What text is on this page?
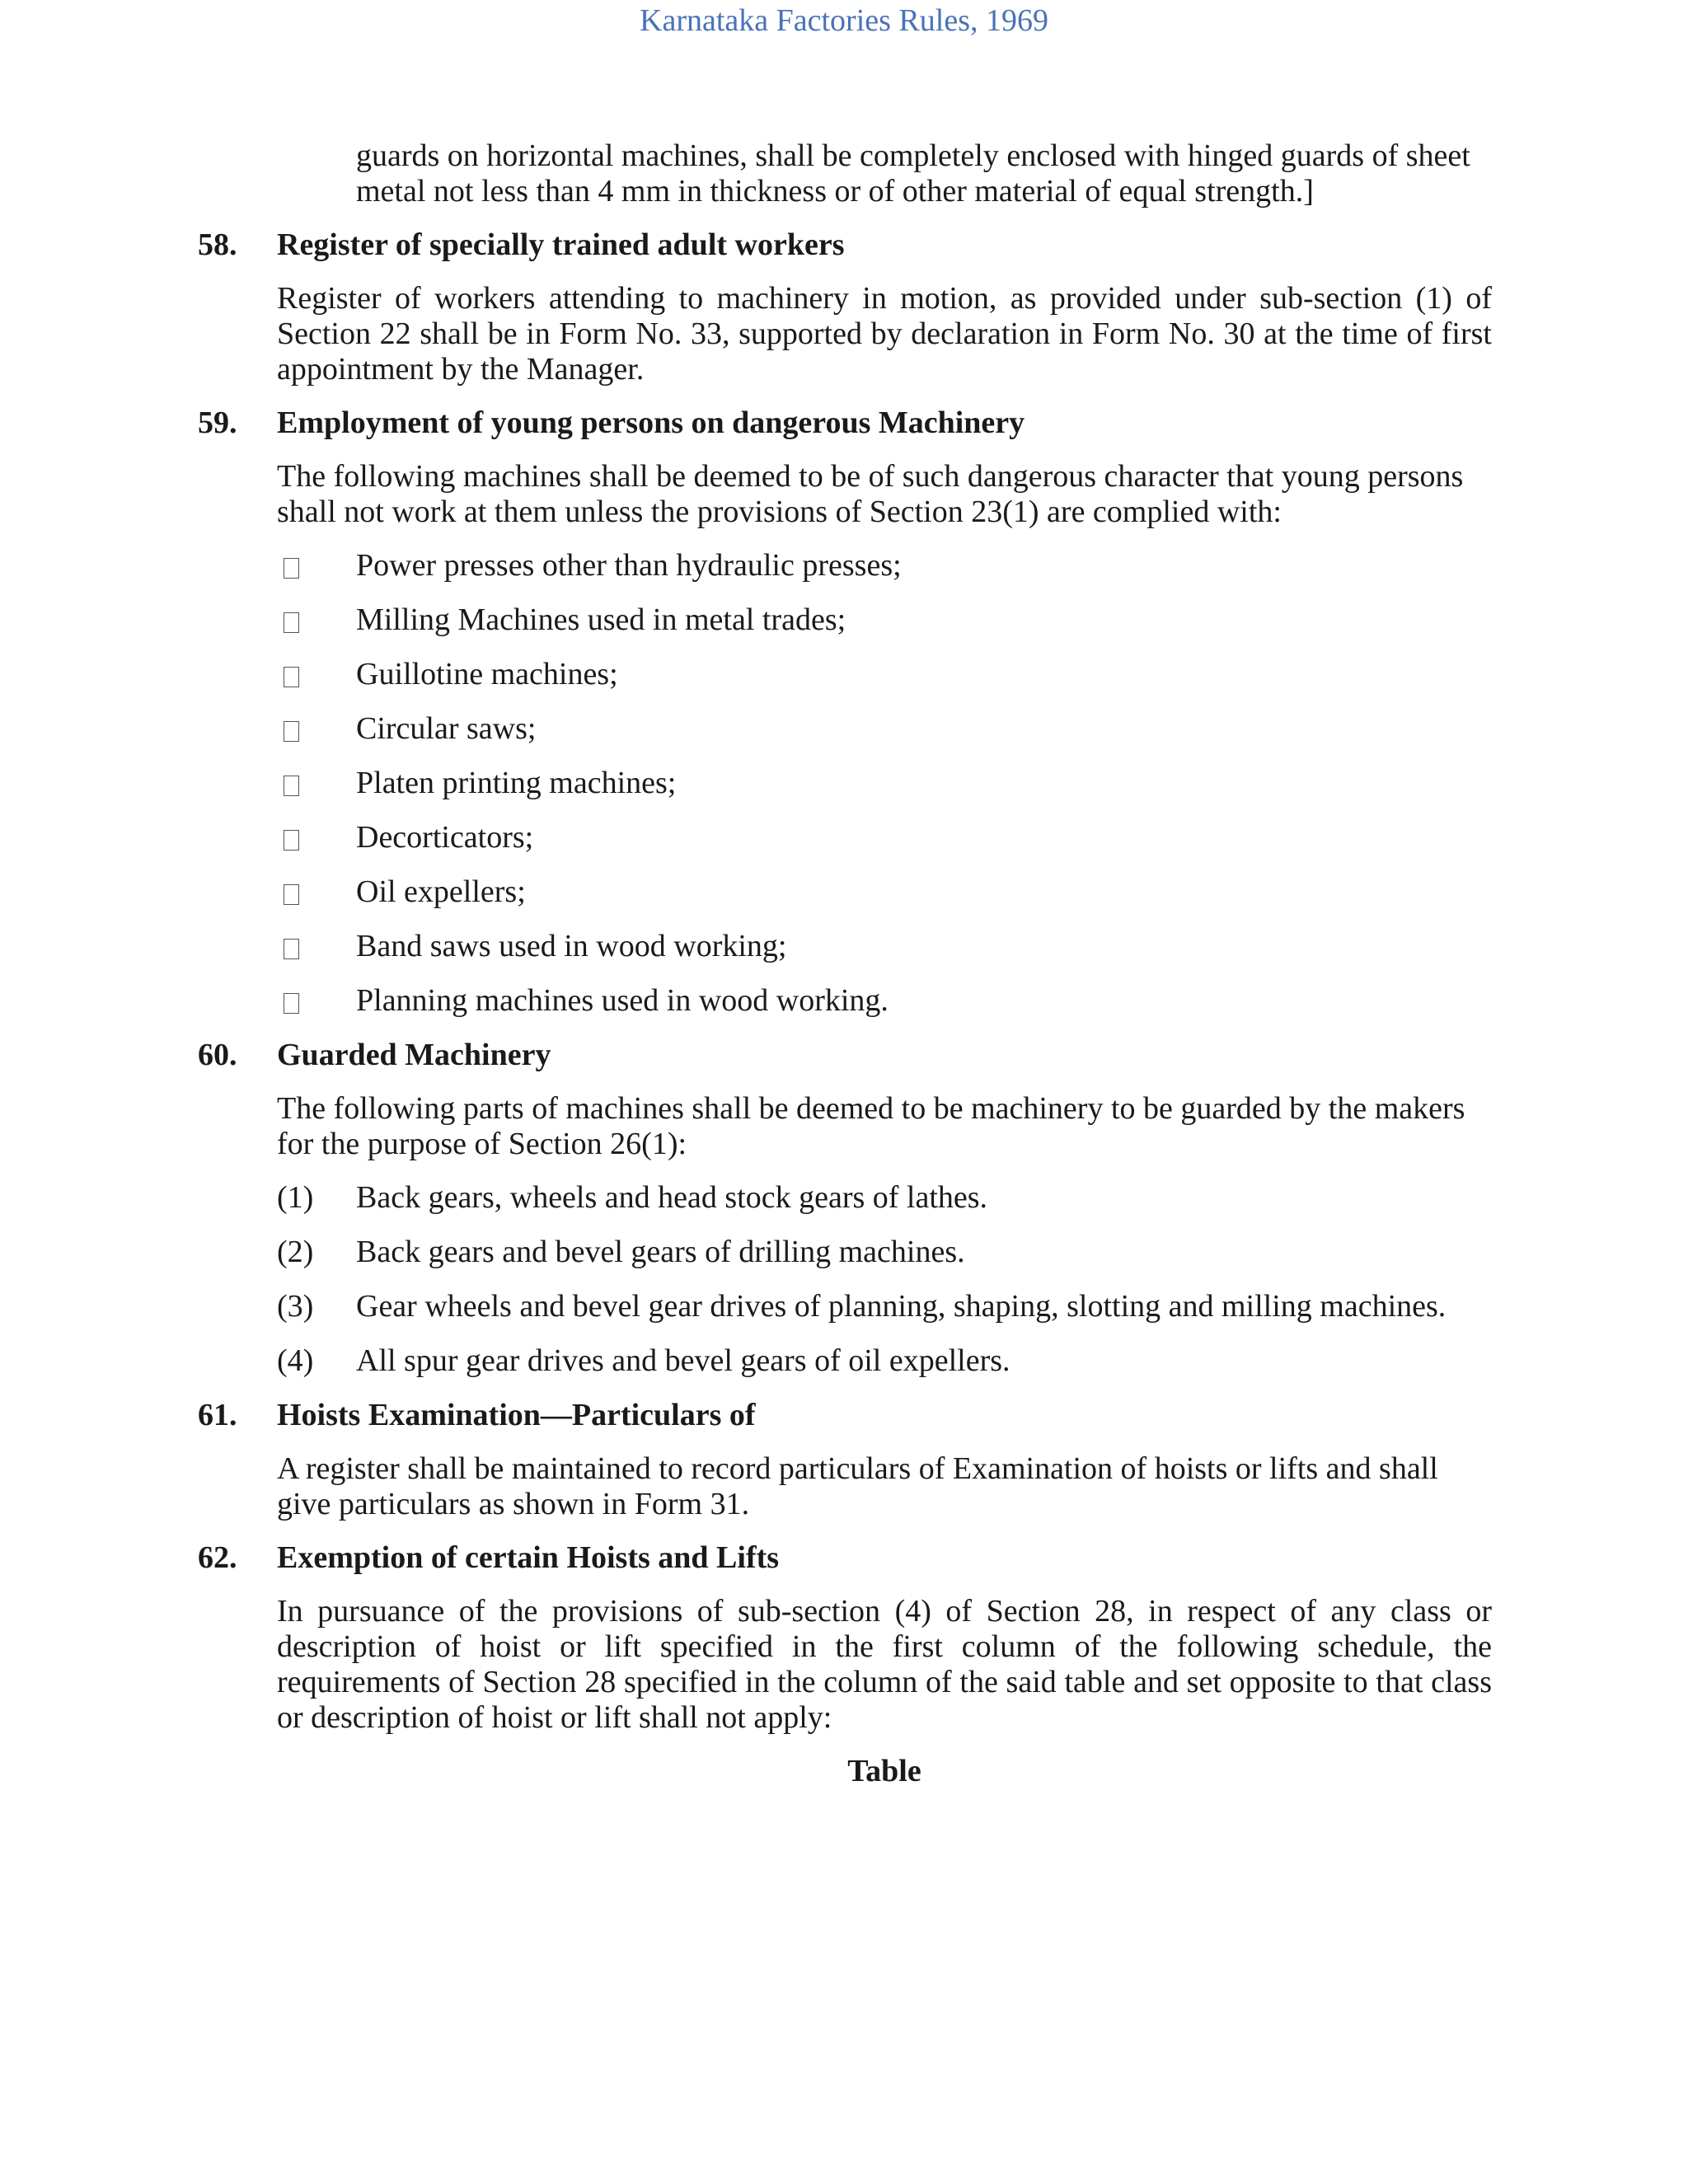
Karnataka Factories Rules, 1969

guards on horizontal machines, shall be completely enclosed with hinged guards of sheet metal not less than 4 mm in thickness or of other material of equal strength.]

58.	Register of specially trained adult workers

Register of workers attending to machinery in motion, as provided under sub-section (1) of Section 22 shall be in Form No. 33, supported by declaration in Form No. 30 at the time of first appointment by the Manager.

59.	Employment of young persons on dangerous Machinery

The following machines shall be deemed to be of such dangerous character that young persons shall not work at them unless the provisions of Section 23(1) are complied with:

Power presses other than hydraulic presses;
Milling Machines used in metal trades;
Guillotine machines;
Circular saws;
Platen printing machines;
Decorticators;
Oil expellers;
Band saws used in wood working;
Planning machines used in wood working.
60.	Guarded Machinery

The following parts of machines shall be deemed to be machinery to be guarded by the makers for the purpose of Section 26(1):

(1)	Back gears, wheels and head stock gears of lathes.
(2)	Back gears and bevel gears of drilling machines.
(3)	Gear wheels and bevel gear drives of planning, shaping, slotting and milling machines.
(4)	All spur gear drives and bevel gears of oil expellers.
61.	Hoists Examination—Particulars of

A register shall be maintained to record particulars of Examination of hoists or lifts and shall give particulars as shown in Form 31.

62.	Exemption of certain Hoists and Lifts

In pursuance of the provisions of sub-section (4) of Section 28, in respect of any class or description of hoist or lift specified in the first column of the following schedule, the requirements of Section 28 specified in the column of the said table and set opposite to that class or description of hoist or lift shall not apply:

Table
